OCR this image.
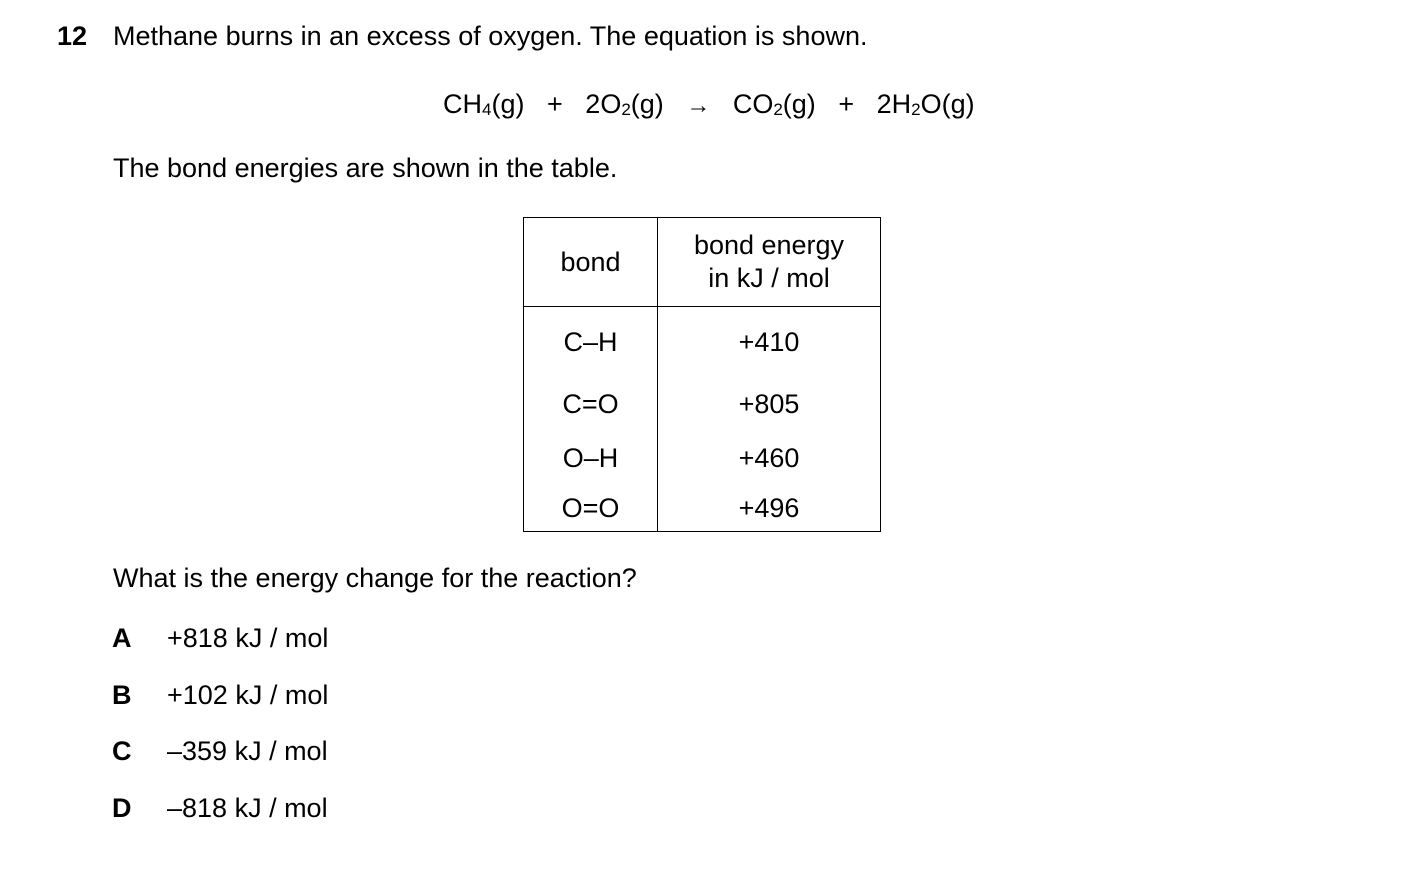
12 Methane burns in an excess of oxygen. The equation is shown.
$CH_4(g) + 2O_2(g) \to CO_2(g) + 2H_2O(g)$
The bond energies are shown in the table.
bond	bond energy
in kJ / mol
C–H	+410
C=O	+805
O–H	+460
O=O	+496
What is the energy change for the reaction?
A +818 kJ / mol
B +102 kJ / mol
C –359 kJ / mol
D –818 kJ / mol
